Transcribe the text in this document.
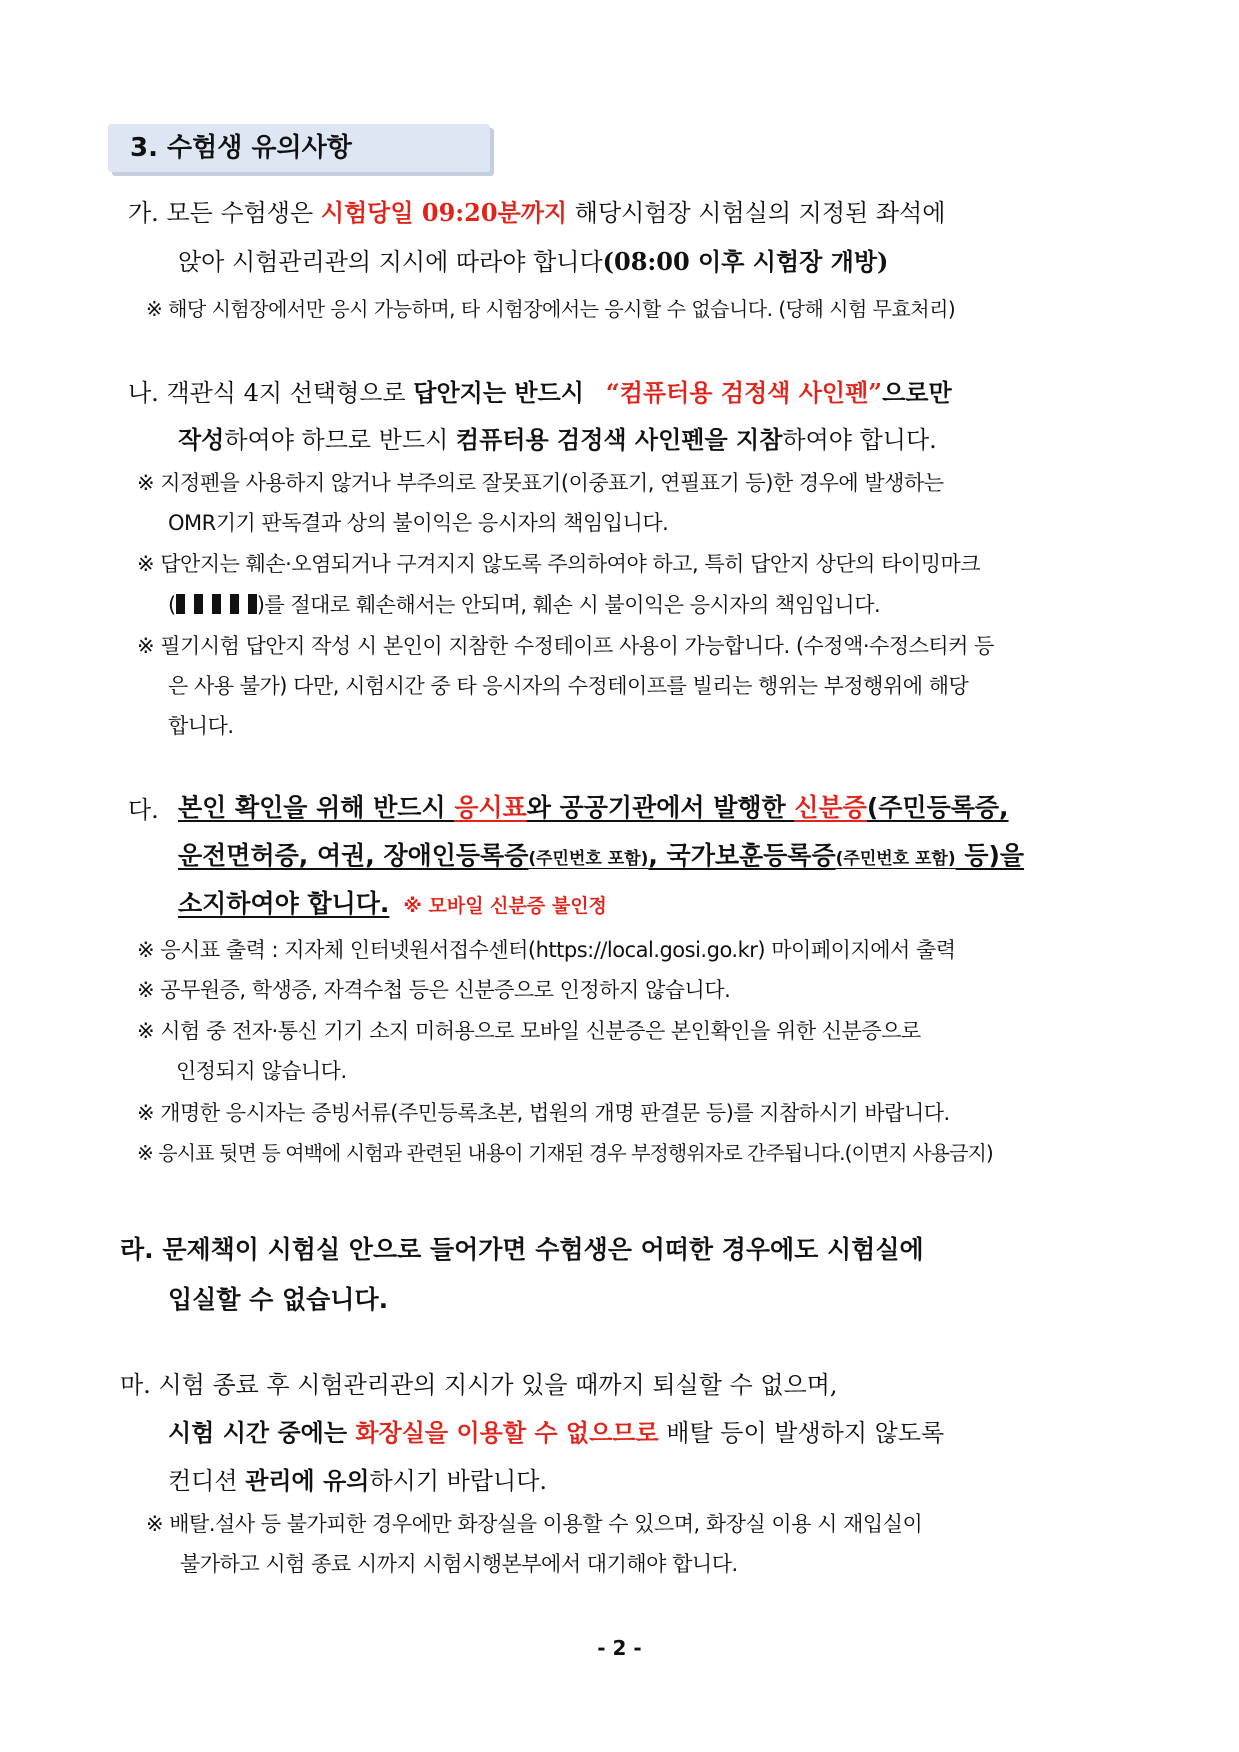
3. 수험생 유의사항
가. 모든 수험생은 시험당일 09:20분까지 해당시험장 시험실의 지정된 좌석에
앉아 시험관리관의 지시에 따라야 합니다(08:00 이후 시험장 개방)
※ 해당 시험장에서만 응시 가능하며, 타 시험장에서는 응시할 수 없습니다. (당해 시험 무효처리)
나. 객관식 4지 선택형으로 답안지는 반드시 “컴퓨터용 검정색 사인펜”으로만
작성하여야 하므로 반드시 컴퓨터용 검정색 사인펜을 지참하여야 합니다.
※ 지정펜을 사용하지 않거나 부주의로 잘못표기(이중표기, 연필표기 등)한 경우에 발생하는
OMR기기 판독결과 상의 불이익은 응시자의 책임입니다.
※ 답안지는 훼손·오염되거나 구겨지지 않도록 주의하여야 하고, 특히 답안지 상단의 타이밍마크
(	)를 절대로 훼손해서는 안되며, 훼손 시 불이익은 응시자의 책임입니다.
※ 필기시험 답안지 작성 시 본인이 지참한 수정테이프 사용이 가능합니다. (수정액·수정스티커 등
은 사용 불가) 다만, 시험시간 중 타 응시자의 수정테이프를 빌리는 행위는 부정행위에 해당
합니다.
다. 본인 확인을 위해 반드시 응시표와 공공기관에서 발행한 신분증(주민등록증,
운전면허증, 여권, 장애인등록증(주민번호 포함), 국가보훈등록증(주민번호 포함) 등)을
소지하여야 합니다. ※ 모바일 신분증 불인정
※ 응시표 출력 : 지자체 인터넷원서접수센터(https://local.gosi.go.kr) 마이페이지에서 출력
※ 공무원증, 학생증, 자격수첩 등은 신분증으로 인정하지 않습니다.
※ 시험 중 전자·통신 기기 소지 미허용으로 모바일 신분증은 본인확인을 위한 신분증으로
인정되지 않습니다.
※ 개명한 응시자는 증빙서류(주민등록초본, 법원의 개명 판결문 등)를 지참하시기 바랍니다.
※ 응시표 뒷면 등 여백에 시험과 관련된 내용이 기재된 경우 부정행위자로 간주됩니다.(이면지 사용금지)
라. 문제책이 시험실 안으로 들어가면 수험생은 어떠한 경우에도 시험실에
입실할 수 없습니다.
마. 시험 종료 후 시험관리관의 지시가 있을 때까지 퇴실할 수 없으며,
시험 시간 중에는 화장실을 이용할 수 없으므로 배탈 등이 발생하지 않도록
컨디션 관리에 유의하시기 바랍니다.
※ 배탈.설사 등 불가피한 경우에만 화장실을 이용할 수 있으며, 화장실 이용 시 재입실이
불가하고 시험 종료 시까지 시험시행본부에서 대기해야 합니다.
- 2 -
